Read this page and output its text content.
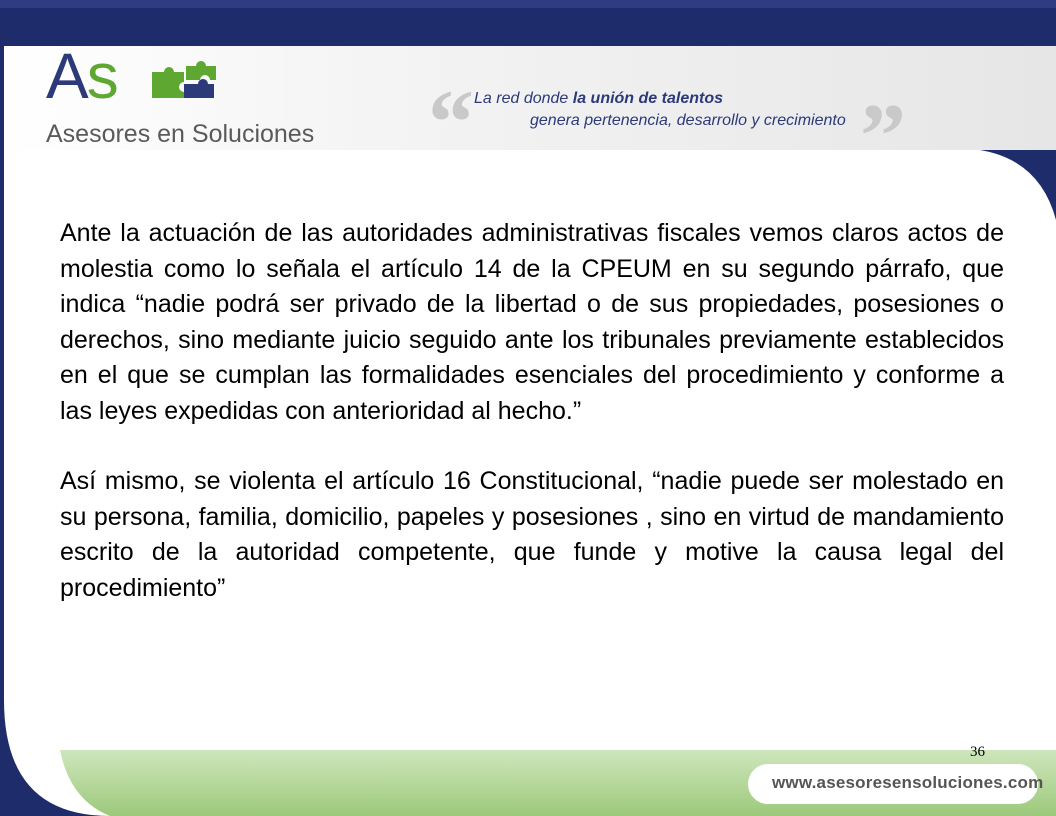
As
Asesores en Soluciones “ La red donde la unión de talentos
genera pertenencia, desarrollo y crecimiento ”

Ante la actuación de las autoridades administrativas fiscales vemos claros actos de molestia como lo señala el artículo 14 de la CPEUM en su segundo párrafo, que indica “nadie podrá ser privado de la libertad o de sus propiedades, posesiones o derechos, sino mediante juicio seguido ante los tribunales previamente establecidos en el que se cumplan las formalidades esenciales del procedimiento y conforme a las leyes expedidas con anterioridad al hecho.”

Así mismo, se violenta el artículo 16 Constitucional, “nadie puede ser molestado en su persona, familia, domicilio, papeles y posesiones , sino en virtud de mandamiento escrito de la autoridad competente, que funde y motive la causa legal del procedimiento”

36
www.asesoresensoluciones.com
